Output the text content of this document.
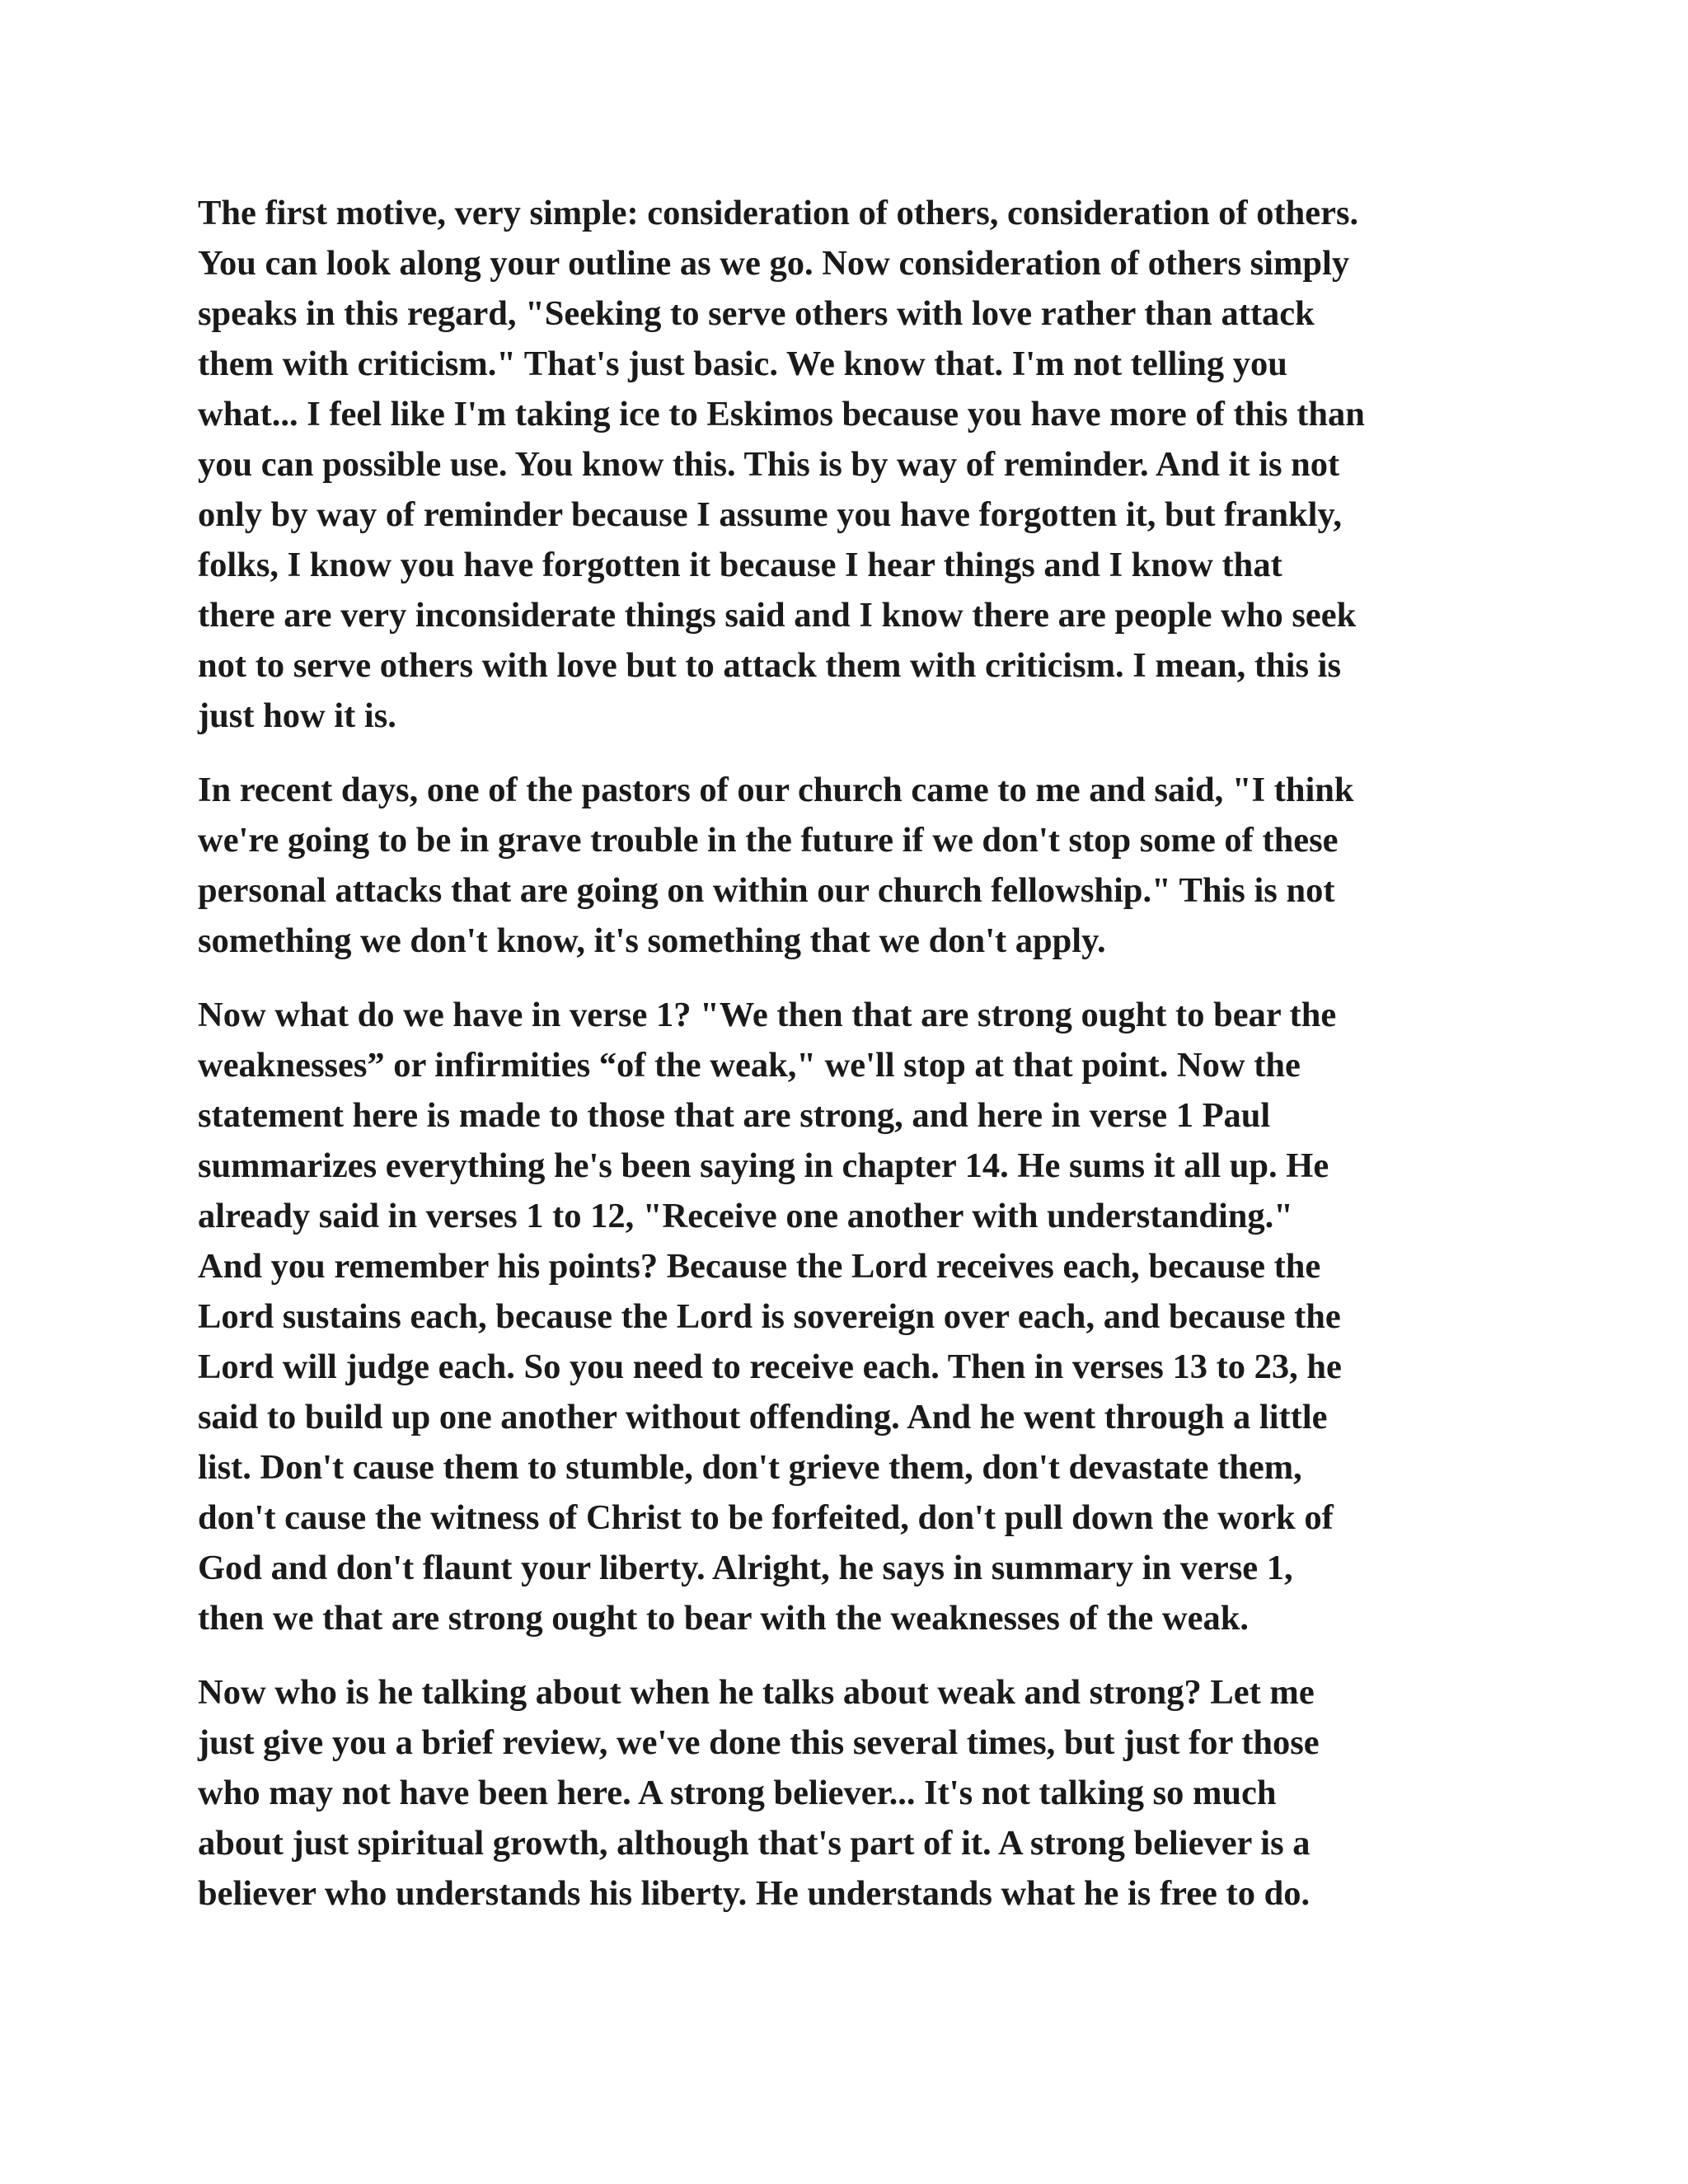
The first motive, very simple: consideration of others, consideration of others.
You can look along your outline as we go. Now consideration of others simply
speaks in this regard, "Seeking to serve others with love rather than attack
them with criticism." That's just basic. We know that. I'm not telling you
what... I feel like I'm taking ice to Eskimos because you have more of this than
you can possible use. You know this. This is by way of reminder. And it is not
only by way of reminder because I assume you have forgotten it, but frankly,
folks, I know you have forgotten it because I hear things and I know that
there are very inconsiderate things said and I know there are people who seek
not to serve others with love but to attack them with criticism. I mean, this is
just how it is.

In recent days, one of the pastors of our church came to me and said, "I think
we're going to be in grave trouble in the future if we don't stop some of these
personal attacks that are going on within our church fellowship." This is not
something we don't know, it's something that we don't apply.

Now what do we have in verse 1? "We then that are strong ought to bear the
weaknesses” or infirmities “of the weak," we'll stop at that point. Now the
statement here is made to those that are strong, and here in verse 1 Paul
summarizes everything he's been saying in chapter 14. He sums it all up. He
already said in verses 1 to 12, "Receive one another with understanding."
And you remember his points? Because the Lord receives each, because the
Lord sustains each, because the Lord is sovereign over each, and because the
Lord will judge each. So you need to receive each. Then in verses 13 to 23, he
said to build up one another without offending. And he went through a little
list. Don't cause them to stumble, don't grieve them, don't devastate them,
don't cause the witness of Christ to be forfeited, don't pull down the work of
God and don't flaunt your liberty. Alright, he says in summary in verse 1,
then we that are strong ought to bear with the weaknesses of the weak.

Now who is he talking about when he talks about weak and strong? Let me
just give you a brief review, we've done this several times, but just for those
who may not have been here. A strong believer... It's not talking so much
about just spiritual growth, although that's part of it. A strong believer is a
believer who understands his liberty. He understands what he is free to do.
